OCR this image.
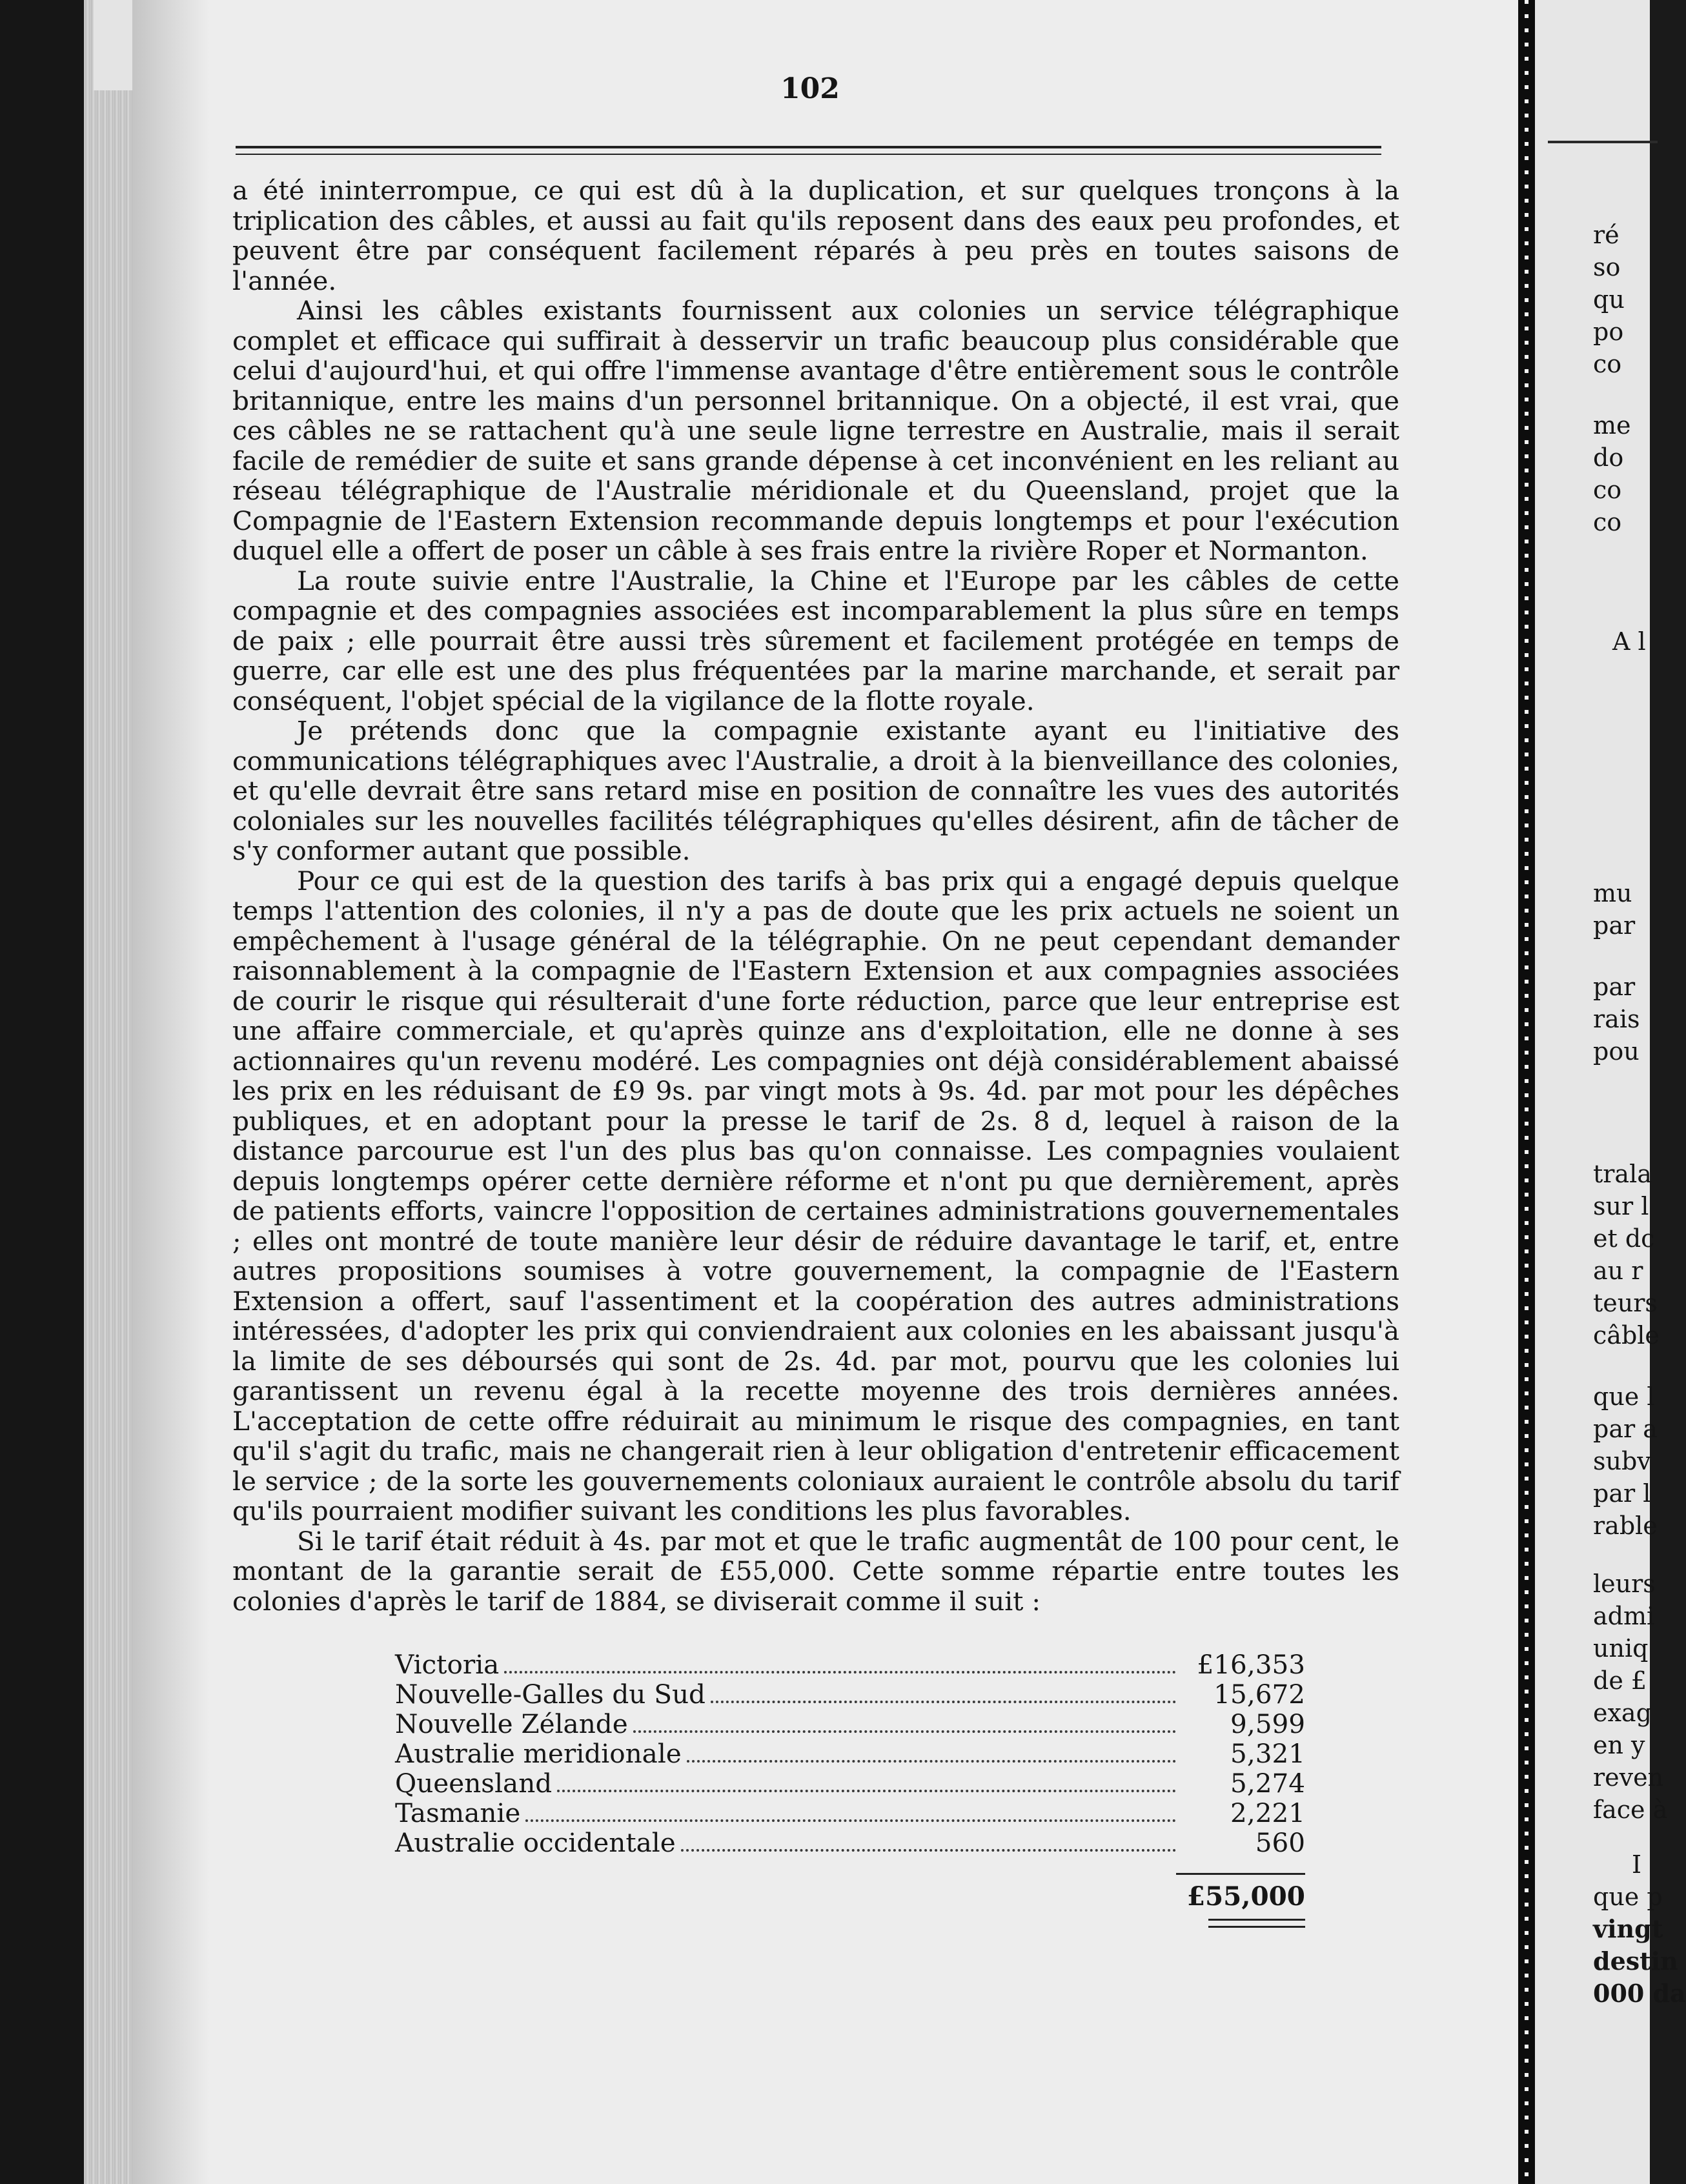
102

a été ininterrompue, ce qui est dû à la duplication, et sur quelques tronçons à la triplication des câbles, et aussi au fait qu'ils reposent dans des eaux peu profondes, et peuvent être par conséquent facilement réparés à peu près en toutes saisons de l'année.

Ainsi les câbles existants fournissent aux colonies un service télégraphique complet et efficace qui suffirait à desservir un trafic beaucoup plus considérable que celui d'aujourd'hui, et qui offre l'immense avantage d'être entièrement sous le contrôle britannique, entre les mains d'un personnel britannique. On a objecté, il est vrai, que ces câbles ne se rattachent qu'à une seule ligne terrestre en Australie, mais il serait facile de remédier de suite et sans grande dépense à cet inconvénient en les reliant au réseau télégraphique de l'Australie méridionale et du Queensland, projet que la Compagnie de l'Eastern Extension recommande depuis longtemps et pour l'exécution duquel elle a offert de poser un câble à ses frais entre la rivière Roper et Normanton.

La route suivie entre l'Australie, la Chine et l'Europe par les câbles de cette compagnie et des compagnies associées est incomparablement la plus sûre en temps de paix ; elle pourrait être aussi très sûrement et facilement protégée en temps de guerre, car elle est une des plus fréquentées par la marine marchande, et serait par conséquent, l'objet spécial de la vigilance de la flotte royale.

Je prétends donc que la compagnie existante ayant eu l'initiative des communications télégraphiques avec l'Australie, a droit à la bienveillance des colonies, et qu'elle devrait être sans retard mise en position de connaître les vues des autorités coloniales sur les nouvelles facilités télégraphiques qu'elles désirent, afin de tâcher de s'y conformer autant que possible.

Pour ce qui est de la question des tarifs à bas prix qui a engagé depuis quelque temps l'attention des colonies, il n'y a pas de doute que les prix actuels ne soient un empêchement à l'usage général de la télégraphie. On ne peut cependant demander raisonnablement à la compagnie de l'Eastern Extension et aux compagnies associées de courir le risque qui résulterait d'une forte réduction, parce que leur entreprise est une affaire commerciale, et qu'après quinze ans d'exploitation, elle ne donne à ses actionnaires qu'un revenu modéré. Les compagnies ont déjà considérablement abaissé les prix en les réduisant de £9 9s. par vingt mots à 9s. 4d. par mot pour les dépêches publiques, et en adoptant pour la presse le tarif de 2s. 8 d, lequel à raison de la distance parcourue est l'un des plus bas qu'on connaisse. Les compagnies voulaient depuis longtemps opérer cette dernière réforme et n'ont pu que dernièrement, après de patients efforts, vaincre l'opposition de certaines administrations gouvernementales ; elles ont montré de toute manière leur désir de réduire davantage le tarif, et, entre autres propositions soumises à votre gouvernement, la compagnie de l'Eastern Extension a offert, sauf l'assentiment et la coopération des autres administrations intéressées, d'adopter les prix qui conviendraient aux colonies en les abaissant jusqu'à la limite de ses déboursés qui sont de 2s. 4d. par mot, pourvu que les colonies lui garantissent un revenu égal à la recette moyenne des trois dernières années. L'acceptation de cette offre réduirait au minimum le risque des compagnies, en tant qu'il s'agit du trafic, mais ne changerait rien à leur obligation d'entretenir efficacement le service ; de la sorte les gouvernements coloniaux auraient le contrôle absolu du tarif qu'ils pourraient modifier suivant les conditions les plus favorables.

Si le tarif était réduit à 4s. par mot et que le trafic augmentât de 100 pour cent, le montant de la garantie serait de £55,000. Cette somme répartie entre toutes les colonies d'après le tarif de 1884, se diviserait comme il suit :

Victoria	£16,353
Nouvelle-Galles du Sud	15,672
Nouvelle Zélande	9,599
Australie meridionale	5,321
Queensland	5,274
Tasmanie	2,221
Australie occidentale	560
£55,000
ré
so
qu
po
co
me
do
co
co
A l
mu
par
par
rais
pou
trala
sur l
et dc
au r
teurs
câble
que l
par a
subv
par l
rable
leurs
admi
uniq
de £
exag
en y
reven
face à
I
que p
vingt
destin
000 da
